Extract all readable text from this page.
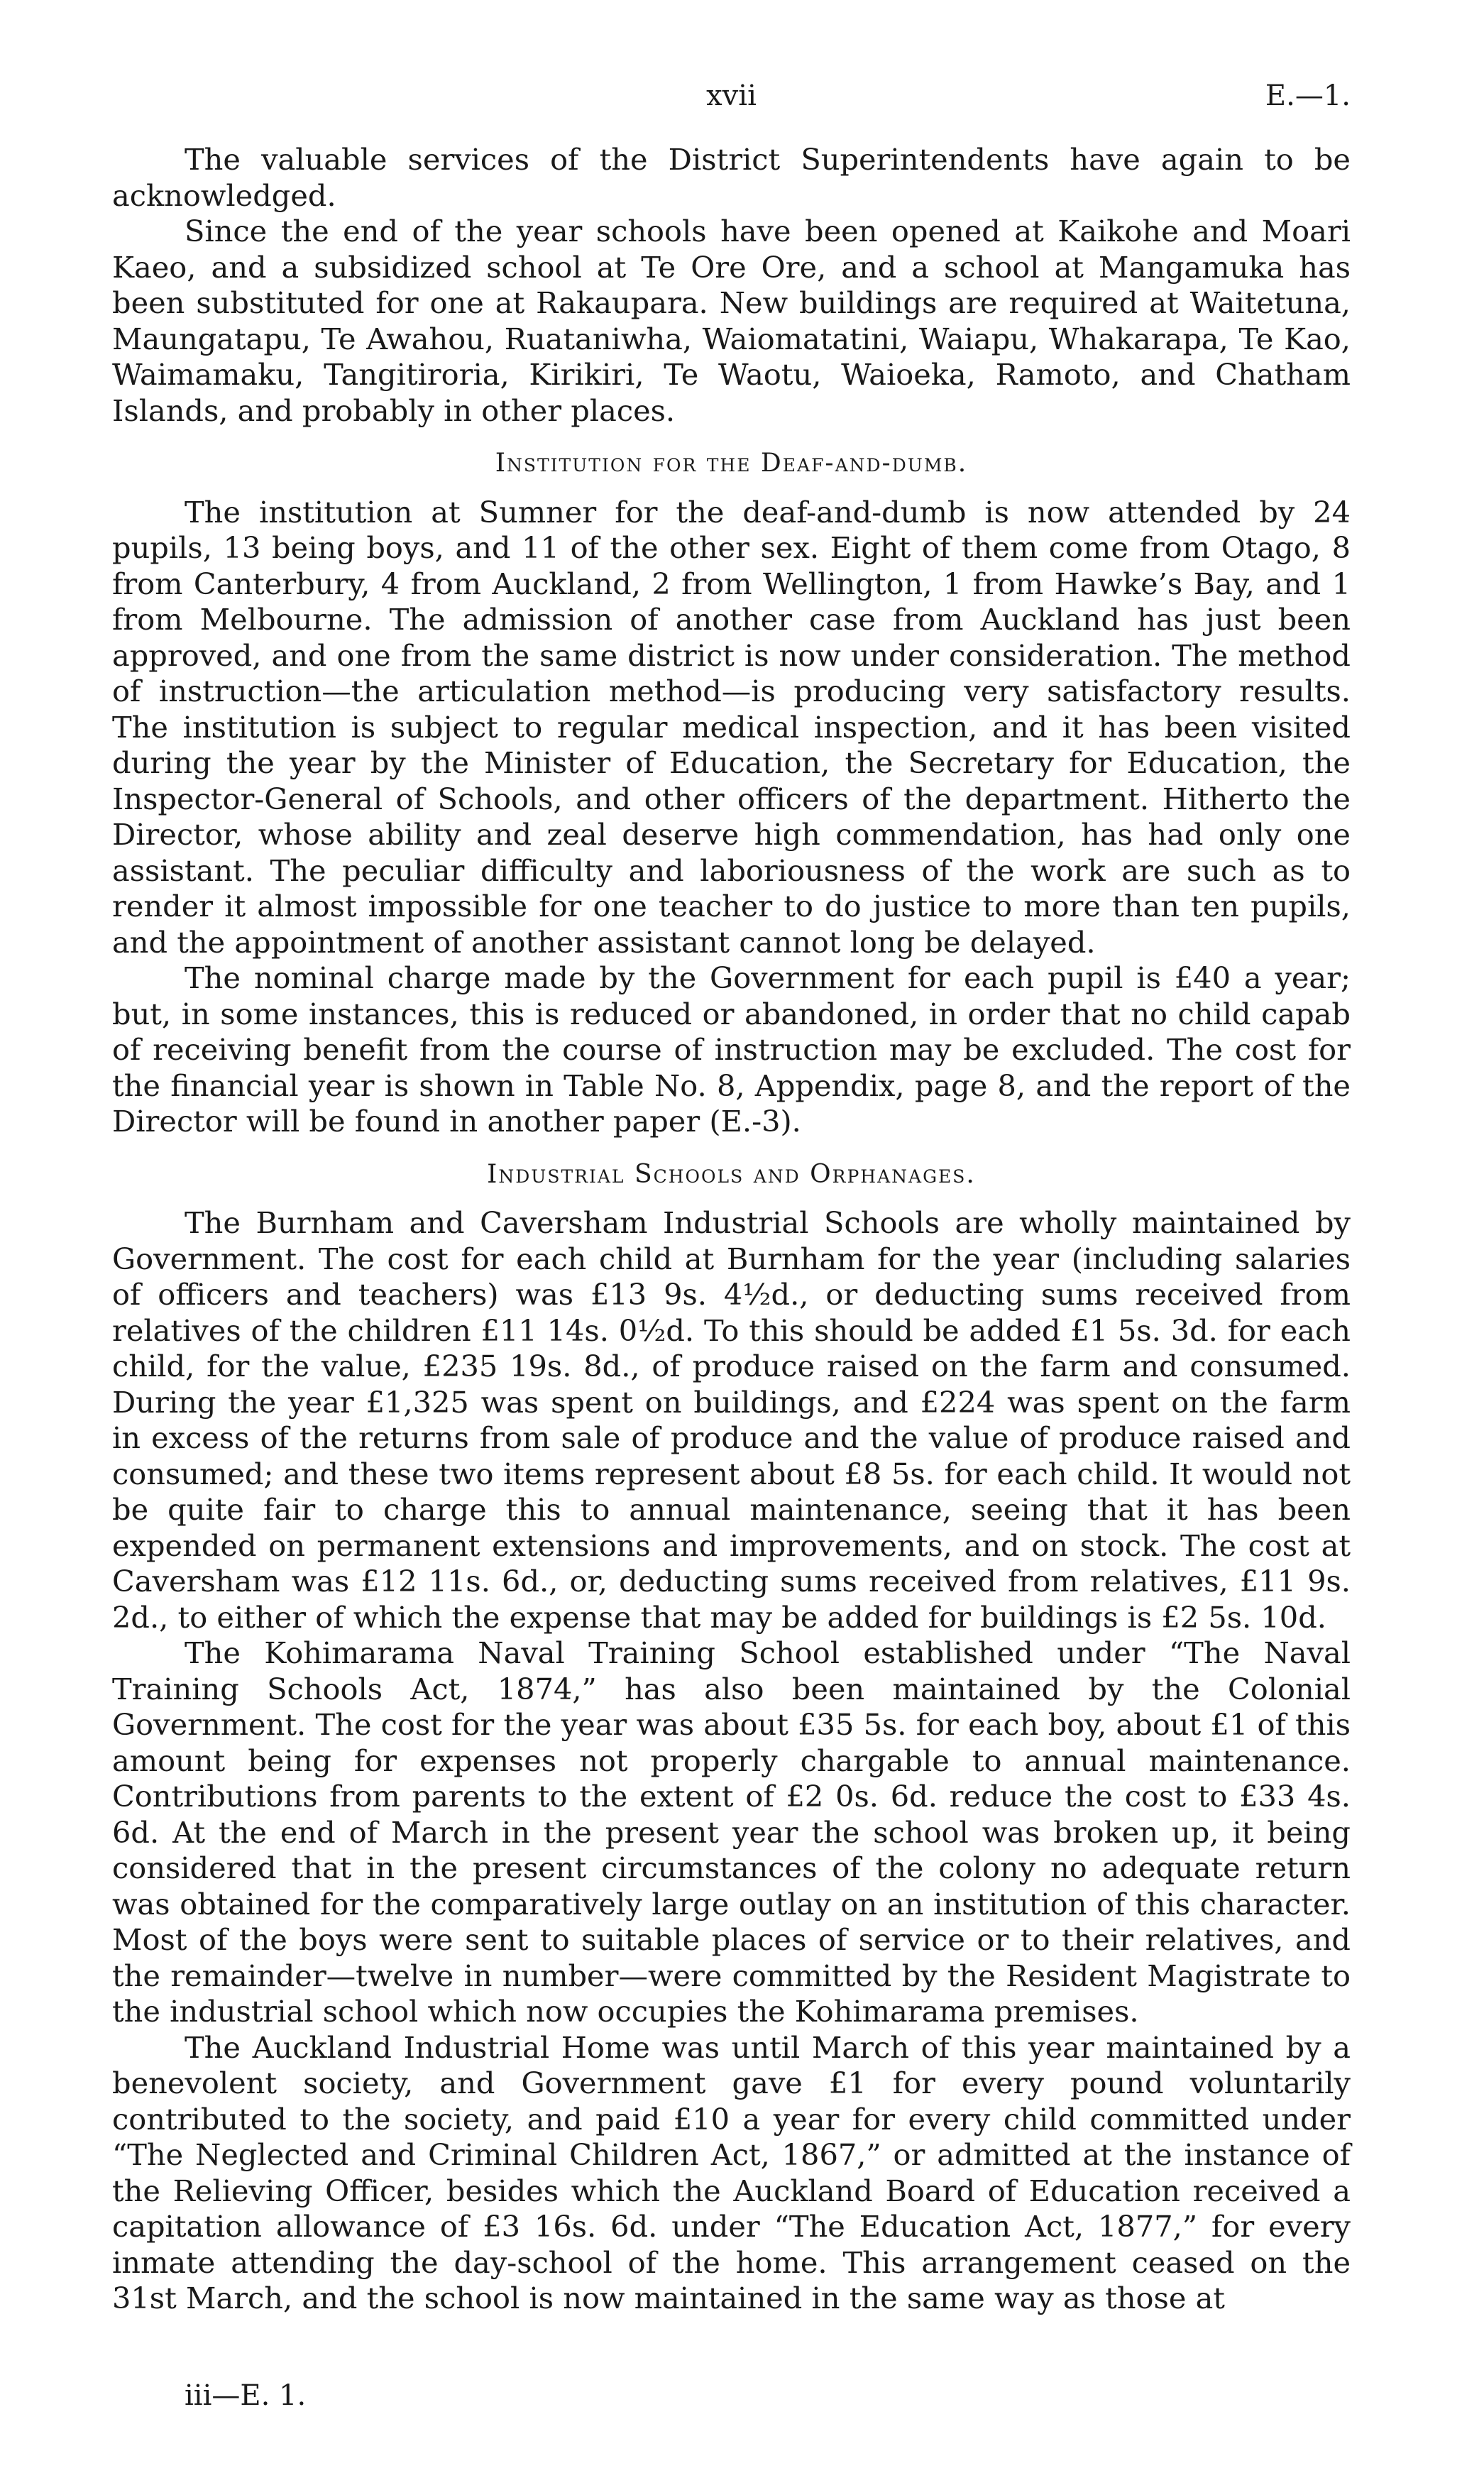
xvii	E.—1.

The valuable services of the District Superintendents have again to be acknowledged.

Since the end of the year schools have been opened at Kaikohe and Moari Kaeo, and a subsidized school at Te Ore Ore, and a school at Mangamuka has been substituted for one at Rakaupara. New buildings are required at Waitetuna, Maungatapu, Te Awahou, Ruataniwha, Waiomatatini, Waiapu, Whakarapa, Te Kao, Waimamaku, Tangitiroria, Kirikiri, Te Waotu, Waioeka, Ramoto, and Chatham Islands, and probably in other places.

Institution for the Deaf-and-dumb.

The institution at Sumner for the deaf-and-dumb is now attended by 24 pupils, 13 being boys, and 11 of the other sex. Eight of them come from Otago, 8 from Canterbury, 4 from Auckland, 2 from Wellington, 1 from Hawke’s Bay, and 1 from Melbourne. The admission of another case from Auckland has just been approved, and one from the same district is now under consideration. The method of instruction—the articulation method—is producing very satisfactory results. The institution is subject to regular medical inspection, and it has been visited during the year by the Minister of Education, the Secretary for Education, the Inspector-General of Schools, and other officers of the department. Hitherto the Director, whose ability and zeal deserve high commendation, has had only one assistant. The peculiar difficulty and laboriousness of the work are such as to render it almost impossible for one teacher to do justice to more than ten pupils, and the appointment of another assistant cannot long be delayed.

The nominal charge made by the Government for each pupil is £40 a year; but, in some instances, this is reduced or abandoned, in order that no child capab of receiving benefit from the course of instruction may be excluded. The cost for the financial year is shown in Table No. 8, Appendix, page 8, and the report of the Director will be found in another paper (E.-3).

Industrial Schools and Orphanages.

The Burnham and Caversham Industrial Schools are wholly maintained by Government. The cost for each child at Burnham for the year (including salaries of officers and teachers) was £13 9s. 4½d., or deducting sums received from relatives of the children £11 14s. 0½d. To this should be added £1 5s. 3d. for each child, for the value, £235 19s. 8d., of produce raised on the farm and consumed. During the year £1,325 was spent on buildings, and £224 was spent on the farm in excess of the returns from sale of produce and the value of produce raised and consumed; and these two items represent about £8 5s. for each child. It would not be quite fair to charge this to annual maintenance, seeing that it has been expended on permanent extensions and improvements, and on stock. The cost at Caversham was £12 11s. 6d., or, deducting sums received from relatives, £11 9s. 2d., to either of which the expense that may be added for buildings is £2 5s. 10d.

The Kohimarama Naval Training School established under “The Naval Training Schools Act, 1874,” has also been maintained by the Colonial Government. The cost for the year was about £35 5s. for each boy, about £1 of this amount being for expenses not properly chargable to annual maintenance. Contributions from parents to the extent of £2 0s. 6d. reduce the cost to £33 4s. 6d. At the end of March in the present year the school was broken up, it being considered that in the present circumstances of the colony no adequate return was obtained for the comparatively large outlay on an institution of this character. Most of the boys were sent to suitable places of service or to their relatives, and the remainder—twelve in number—were committed by the Resident Magistrate to the industrial school which now occupies the Kohimarama premises.

The Auckland Industrial Home was until March of this year maintained by a benevolent society, and Government gave £1 for every pound voluntarily contributed to the society, and paid £10 a year for every child committed under “The Neglected and Criminal Children Act, 1867,” or admitted at the instance of the Relieving Officer, besides which the Auckland Board of Education received a capitation allowance of £3 16s. 6d. under “The Education Act, 1877,” for every inmate attending the day-school of the home. This arrangement ceased on the 31st March, and the school is now maintained in the same way as those at

iii—E. 1.
